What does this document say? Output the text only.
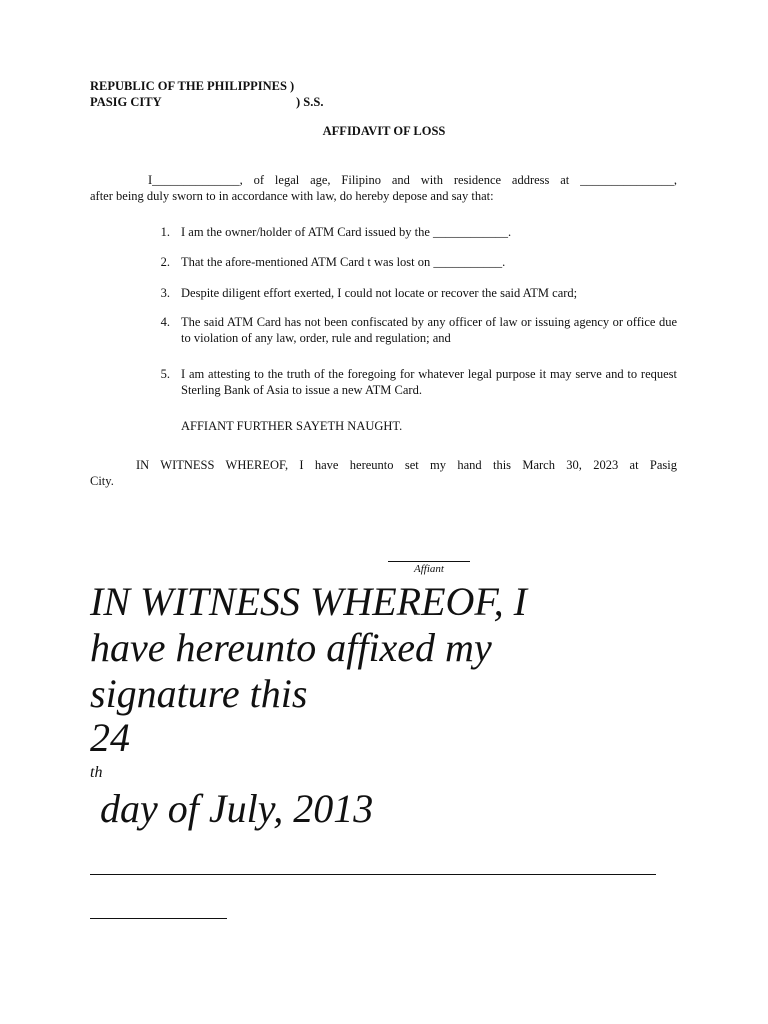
REPUBLIC OF THE PHILIPPINES )
PASIG CITY	) S.S.
AFFIDAVIT OF LOSS
I______________, of legal age, Filipino and with residence address at _______________,
after being duly sworn to in accordance with law, do hereby depose and say that:
1. I am the owner/holder of ATM Card issued by the ____________.
2. That the afore-mentioned ATM Card t was lost on ___________.
3. Despite diligent effort exerted, I could not locate or recover the said ATM card;
4. The said ATM Card has not been confiscated by any officer of law or issuing agency or office due to violation of any law, order, rule and regulation; and
5. I am attesting to the truth of the foregoing for whatever legal purpose it may serve and to request Sterling Bank of Asia to issue a new ATM Card.
AFFIANT FURTHER SAYETH NAUGHT.
IN WITNESS WHEREOF, I have hereunto set my hand this March 30, 2023 at Pasig
City.
Affiant
IN WITNESS WHEREOF, I
have hereunto affixed my
signature this
24
th
day of July, 2013
